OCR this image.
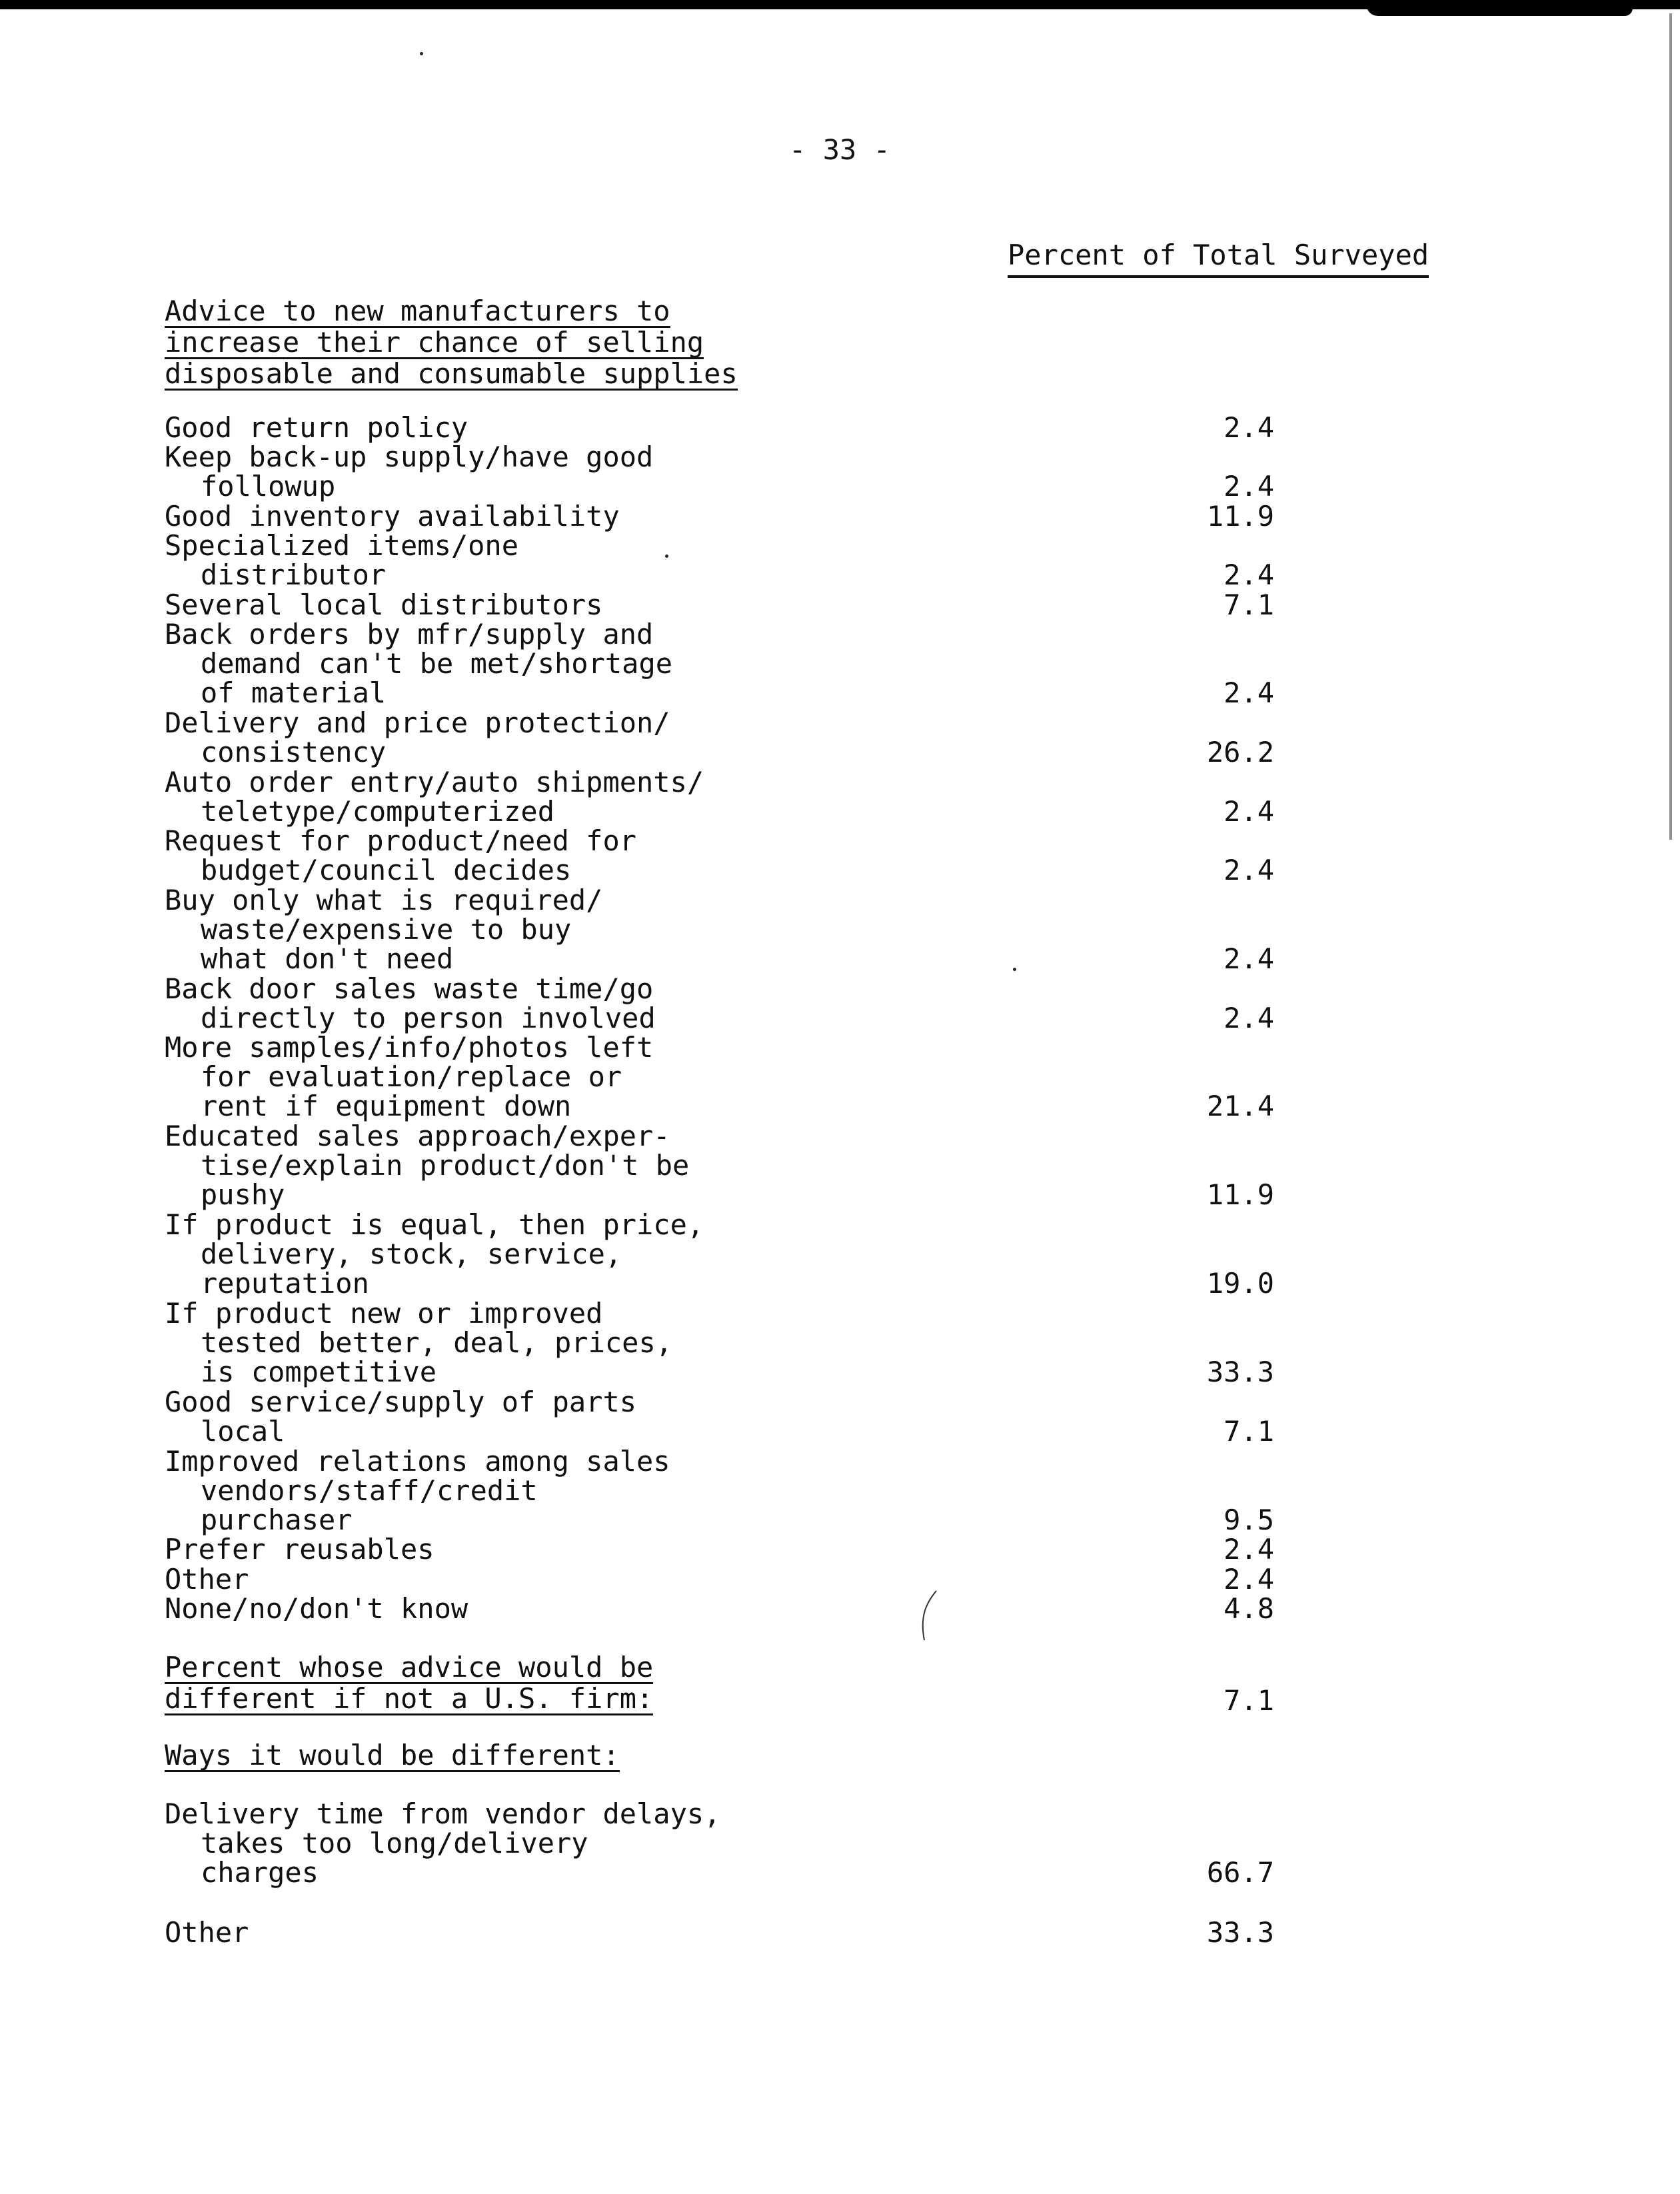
- 33 -
Percent of Total Surveyed
Advice to new manufacturers to
increase their chance of selling
disposable and consumable supplies
Good return policy	2.4
Keep back-up supply/have good
followup	2.4
Good inventory availability	11.9
Specialized items/one
distributor	2.4
Several local distributors	7.1
Back orders by mfr/supply and
demand can't be met/shortage
of material	2.4
Delivery and price protection/
consistency	26.2
Auto order entry/auto shipments/
teletype/computerized	2.4
Request for product/need for
budget/council decides	2.4
Buy only what is required/
waste/expensive to buy
what don't need	2.4
Back door sales waste time/go
directly to person involved	2.4
More samples/info/photos left
for evaluation/replace or
rent if equipment down	21.4
Educated sales approach/exper-
tise/explain product/don't be
pushy	11.9
If product is equal, then price,
delivery, stock, service,
reputation	19.0
If product new or improved
tested better, deal, prices,
is competitive	33.3
Good service/supply of parts
local	7.1
Improved relations among sales
vendors/staff/credit
purchaser	9.5
Prefer reusables	2.4
Other	2.4
None/no/don't know	4.8
Percent whose advice would be
different if not a U.S. firm:	7.1
Ways it would be different:
Delivery time from vendor delays,
takes too long/delivery
charges	66.7
Other	33.3
